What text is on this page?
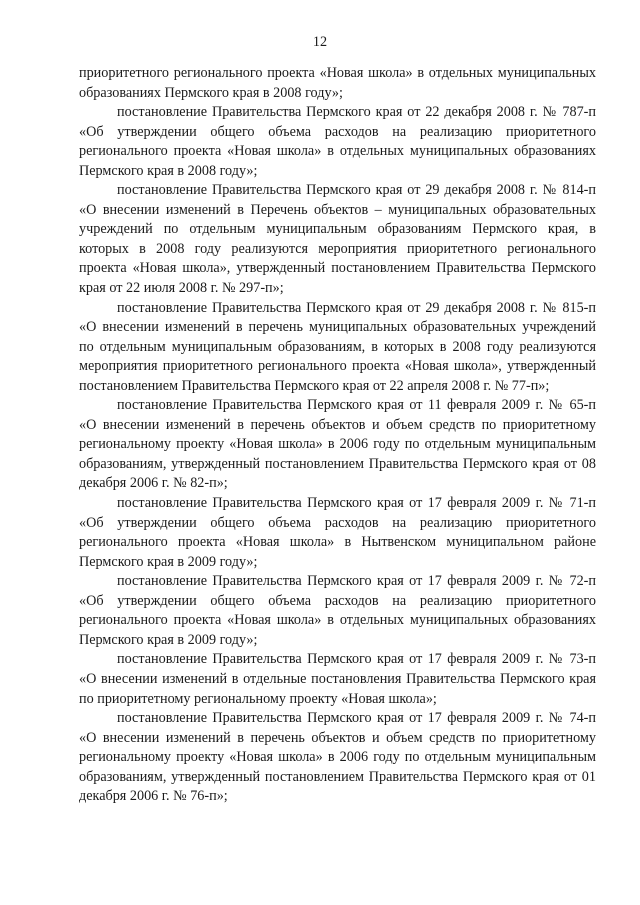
12

приоритетного регионального проекта «Новая школа» в отдельных муниципальных образованиях Пермского края в 2008 году»;

постановление Правительства Пермского края от 22 декабря 2008 г. № 787-п «Об утверждении общего объема расходов на реализацию приоритетного регионального проекта «Новая школа» в отдельных муниципальных образованиях Пермского края в 2008 году»;

постановление Правительства Пермского края от 29 декабря 2008 г. № 814-п «О внесении изменений в Перечень объектов – муниципальных образовательных учреждений по отдельным муниципальным образованиям Пермского края, в которых в 2008 году реализуются мероприятия приоритетного регионального проекта «Новая школа», утвержденный постановлением Правительства Пермского края от 22 июля 2008 г. № 297-п»;

постановление Правительства Пермского края от 29 декабря 2008 г. № 815-п «О внесении изменений в перечень муниципальных образовательных учреждений по отдельным муниципальным образованиям, в которых в 2008 году реализуются мероприятия приоритетного регионального проекта «Новая школа», утвержденный постановлением Правительства Пермского края от 22 апреля 2008 г. № 77-п»;

постановление Правительства Пермского края от 11 февраля 2009 г. № 65-п «О внесении изменений в перечень объектов и объем средств по приоритетному региональному проекту «Новая школа» в 2006 году по отдельным муниципальным образованиям, утвержденный постановлением Правительства Пермского края от 08 декабря 2006 г. № 82-п»;

постановление Правительства Пермского края от 17 февраля 2009 г. № 71-п «Об утверждении общего объема расходов на реализацию приоритетного регионального проекта «Новая школа» в Нытвенском муниципальном районе Пермского края в 2009 году»;

постановление Правительства Пермского края от 17 февраля 2009 г. № 72-п «Об утверждении общего объема расходов на реализацию приоритетного регионального проекта «Новая школа» в отдельных муниципальных образованиях Пермского края в 2009 году»;

постановление Правительства Пермского края от 17 февраля 2009 г. № 73-п «О внесении изменений в отдельные постановления Правительства Пермского края по приоритетному региональному проекту «Новая школа»;

постановление Правительства Пермского края от 17 февраля 2009 г. № 74-п «О внесении изменений в перечень объектов и объем средств по приоритетному региональному проекту «Новая школа» в 2006 году по отдельным муниципальным образованиям, утвержденный постановлением Правительства Пермского края от 01 декабря 2006 г. № 76-п»;
